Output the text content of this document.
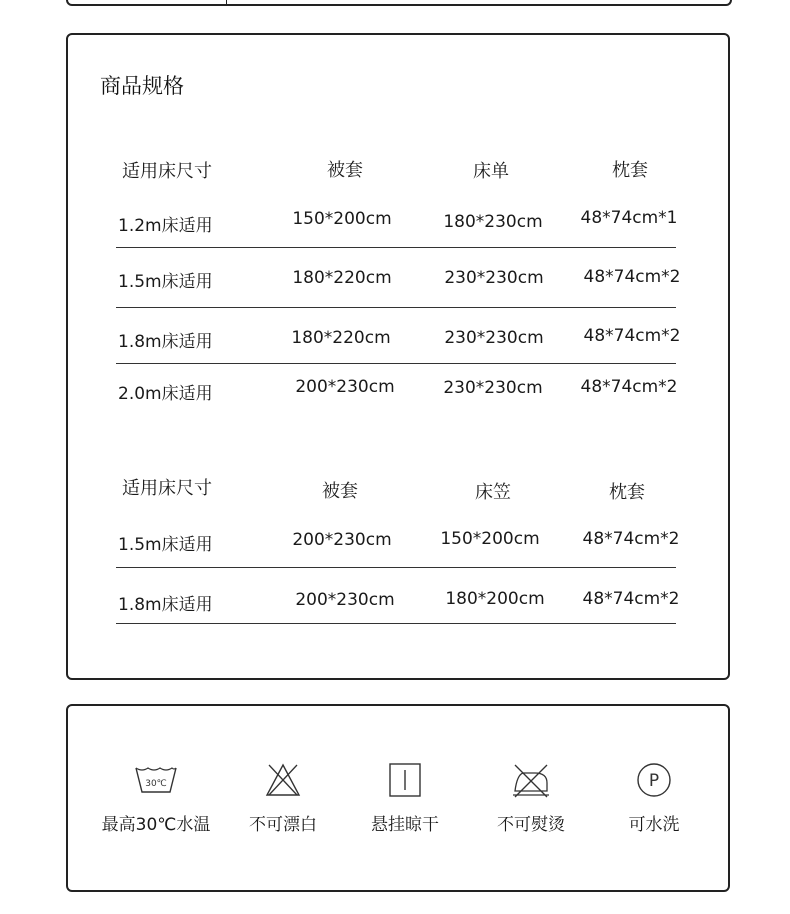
商品规格
适用床尺寸	被套	床单	枕套
1.2m床适用	150*200cm	180*230cm 48*74cm*1
1.5m床适用	180*220cm	230*230cm 48*74cm*2
1.8m床适用	180*220cm	230*230cm 48*74cm*2
2.0m床适用	200*230cm	230*230cm 48*74cm*2
适用床尺寸	被套	床笠	枕套
1.5m床适用	200*230cm	150*200cm	48*74cm*2
1.8m床适用	200*230cm	180*200cm 48*74cm*2
30℃
最高30℃水温	不可漂白	悬挂晾干	不可熨烫
P
可水洗
